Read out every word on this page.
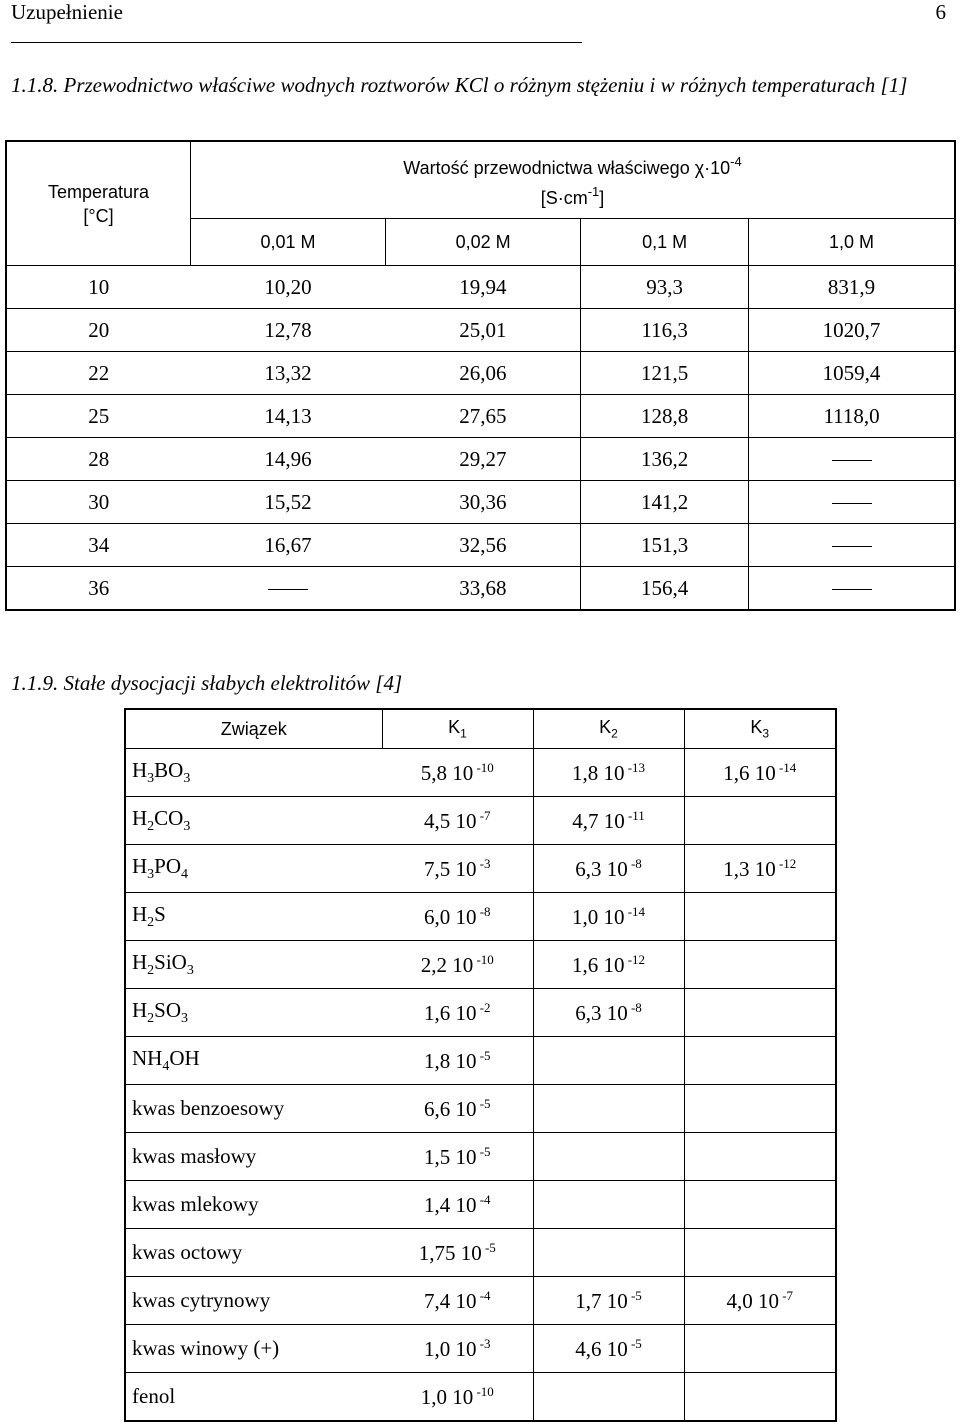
Uzupełnienie	6
1.1.8. Przewodnictwo właściwe wodnych roztworów KCl o różnym stężeniu i w różnych temperaturach [1]
Temperatura
[°C]	Wartość przewodnictwa właściwego $\chi\cdot 10^{-4}$
$[S\cdot cm^{-1}]$			
	0,01 M	0,02 M	0,1 M	1,0 M
10	10,20	19,94	93,3	831,9
20	12,78	25,01	116,3	1020,7
22	13,32	26,06	121,5	1059,4
25	14,13	27,65	128,8	1118,0
28	14,96	29,27	136,2	
30	15,52	30,36	141,2	
34	16,67	32,56	151,3	
36		33,68	156,4	
1.1.9. Stałe dysocjacji słabych elektrolitów [4]
Związek	$K_1$	$K_2$	$K_3$
$H_3BO_3$	5,8 10 $^{-10}$	1,8 10 $^{-13}$	1,6 10 $^{-14}$
$H_2CO_3$	4,5 10 $^{-7}$	4,7 10 $^{-11}$	
$H_3PO_4$	7,5 10 $^{-3}$	6,3 10 $^{-8}$	1,3 10 $^{-12}$
$H_2S$	6,0 10 $^{-8}$	1,0 10 $^{-14}$	
$H_2SiO_3$	2,2 10 $^{-10}$	1,6 10 $^{-12}$	
$H_2SO_3$	1,6 10 $^{-2}$	6,3 10 $^{-8}$	
$NH_4OH$	1,8 10 $^{-5}$		
kwas benzoesowy	6,6 10 $^{-5}$		
kwas masłowy	1,5 10 $^{-5}$		
kwas mlekowy	1,4 10 $^{-4}$		
kwas octowy	1,75 10 $^{-5}$		
kwas cytrynowy	7,4 10 $^{-4}$	1,7 10 $^{-5}$	4,0 10 $^{-7}$
kwas winowy (+)	1,0 10 $^{-3}$	4,6 10 $^{-5}$	
fenol	1,0 10 $^{-10}$		
